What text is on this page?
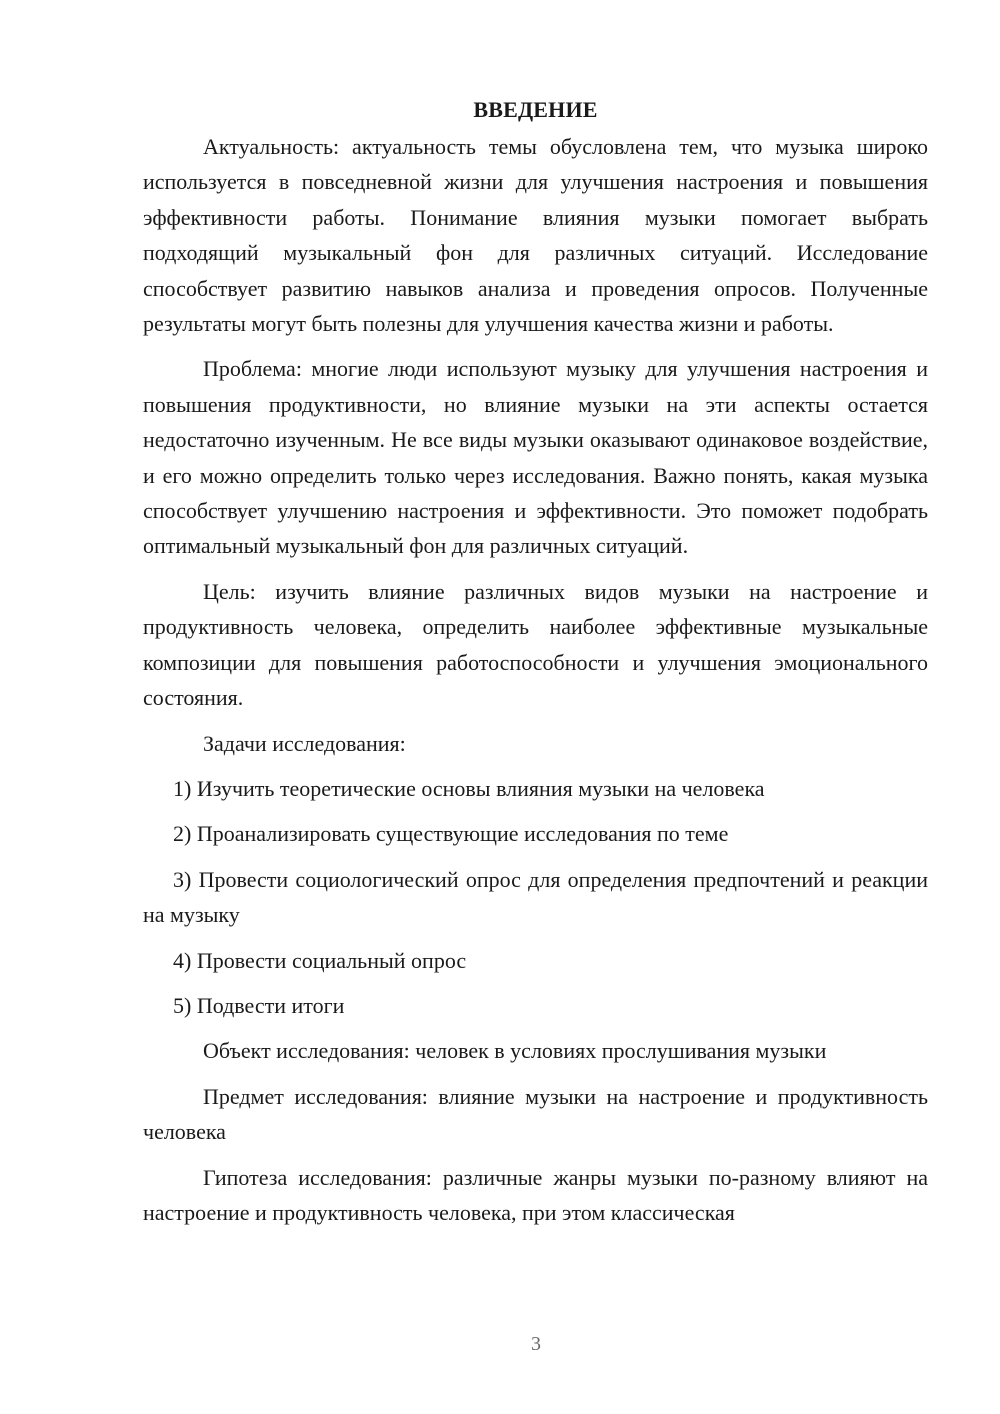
ВВЕДЕНИЕ

Актуальность: актуальность темы обусловлена тем, что музыка широко используется в повседневной жизни для улучшения настроения и повышения эффективности работы. Понимание влияния музыки помогает выбрать подходящий музыкальный фон для различных ситуаций. Исследование способствует развитию навыков анализа и проведения опросов. Полученные результаты могут быть полезны для улучшения качества жизни и работы.

Проблема: многие люди используют музыку для улучшения настроения и повышения продуктивности, но влияние музыки на эти аспекты остается недостаточно изученным. Не все виды музыки оказывают одинаковое воздействие, и его можно определить только через исследования. Важно понять, какая музыка способствует улучшению настроения и эффективности. Это поможет подобрать оптимальный музыкальный фон для различных ситуаций.

Цель: изучить влияние различных видов музыки на настроение и продуктивность человека, определить наиболее эффективные музыкальные композиции для повышения работоспособности и улучшения эмоционального состояния.

Задачи исследования:

1) Изучить теоретические основы влияния музыки на человека

2) Проанализировать существующие исследования по теме

3) Провести социологический опрос для определения предпочтений и реакции на музыку

4) Провести социальный опрос

5) Подвести итоги

Объект исследования: человек в условиях прослушивания музыки

Предмет исследования: влияние музыки на настроение и продуктивность человека

Гипотеза исследования: различные жанры музыки по-разному влияют на настроение и продуктивность человека, при этом классическая

3
